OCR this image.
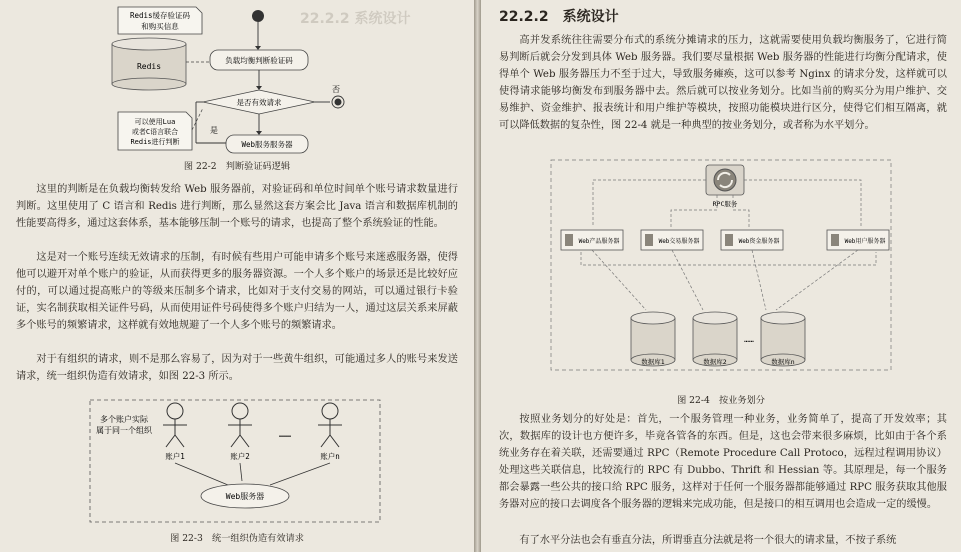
22.2.2 系统设计
Redis缓存验证码
和购买信息
Redis
负载均衡判断验证码
是否有效请求
否
是
可以使用Lua
或者C语言联合
Redis进行判断	Web服务服务器

图 22-2　判断验证码逻辑

这里的判断是在负载均衡转发给 Web 服务器前，对验证码和单位时间单个账号请求数量进行判断。这里使用了 C 语言和 Redis 进行判断，那么显然这套方案会比 Java 语言和数据库机制的性能要高得多，通过这套体系，基本能够压制一个账号的请求，也提高了整个系统验证的性能。

这是对一个账号连续无效请求的压制，有时候有些用户可能申请多个账号来迷惑服务器，使得他可以避开对单个账户的验证，从而获得更多的服务器资源。一个人多个账户的场景还是比较好应付的，可以通过提高账户的等级来压制多个请求，比如对于支付交易的网站，可以通过银行卡验证，实名制获取相关证件号码，从而使用证件号码使得多个账户归结为一人，通过这层关系来屏蔽多个账号的频繁请求，这样就有效地规避了一个人多个账号的频繁请求。

对于有组织的请求，则不是那么容易了，因为对于一些黄牛组织，可能通过多人的账号来发送请求，统一组织伪造有效请求，如图 22-3 所示。

多个账户实际
属于同一个组织
账户1	账户2
……
账户n
Web服务器

图 22-3　统一组织伪造有效请求

22.2.2　系统设计

高并发系统往往需要分布式的系统分摊请求的压力，这就需要使用负载均衡服务了，它进行简易判断后就会分发到具体 Web 服务器。我们要尽量根据 Web 服务器的性能进行均衡分配请求，使得单个 Web 服务器压力不至于过大，导致服务瘫痪，这可以参考 Nginx 的请求分发，这样就可以使得请求能够均衡发布到服务器中去。然后就可以按业务划分。比如当前的购买分为用户维护、交易维护、资金维护、报表统计和用户维护等模块，按照功能模块进行区分，使得它们相互隔离，就可以降低数据的复杂性，图 22-4 就是一种典型的按业务划分，或者称为水平划分。

RPC服务
Web产品服务器	Web交易服务器	Web资金服务器	Web用户服务器
数据库1	数据库2
……
数据库n

图 22-4　按业务划分

按照业务划分的好处是：首先，一个服务管理一种业务，业务简单了，提高了开发效率；其次，数据库的设计也方便许多，毕竟各管各的东西。但是，这也会带来很多麻烦，比如由于各个系统业务存在着关联，还需要通过 RPC（Remote Procedure Call Protoco，远程过程调用协议）处理这些关联信息，比较流行的 RPC 有 Dubbo、Thrift 和 Hessian 等。其原理是，每一个服务都会暴露一些公共的接口给 RPC 服务，这样对于任何一个服务器都能够通过 RPC 服务获取其他服务器对应的接口去调度各个服务器的逻辑来完成功能，但是接口的相互调用也会造成一定的缓慢。

有了水平分法也会有垂直分法，所谓垂直分法就是将一个很大的请求量，不按子系统
